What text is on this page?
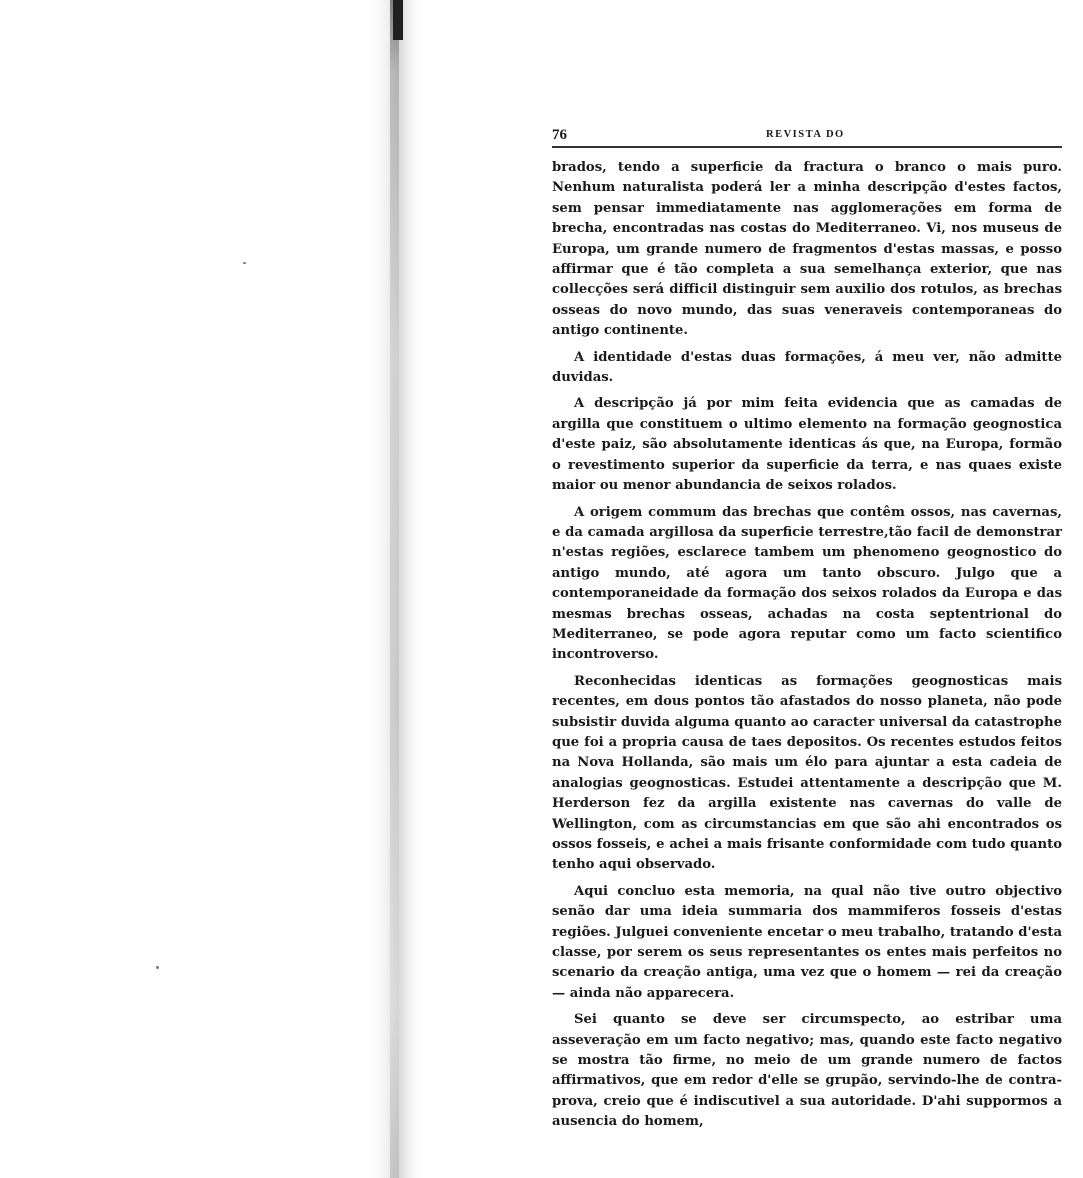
76	REVISTA DO

brados, tendo a superficie da fractura o branco o mais puro. Nenhum naturalista poderá ler a minha descripção d'estes factos, sem pensar immediatamente nas agglomerações em forma de brecha, encontradas nas costas do Mediterraneo. Vi, nos museus de Europa, um grande numero de fragmentos d'estas massas, e posso affirmar que é tão completa a sua semelhança exterior, que nas collecções será difficil distinguir sem auxilio dos rotulos, as brechas osseas do novo mundo, das suas veneraveis contemporaneas do antigo continente.

A identidade d'estas duas formações, á meu ver, não admitte duvidas.

A descripção já por mim feita evidencia que as camadas de argilla que constituem o ultimo elemento na formação geognostica d'este paiz, são absolutamente identicas ás que, na Europa, formão o revestimento superior da superficie da terra, e nas quaes existe maior ou menor abundancia de seixos rolados.

A origem commum das brechas que contêm ossos, nas cavernas, e da camada argillosa da superficie terrestre,tão facil de demonstrar n'estas regiões, esclarece tambem um phenomeno geognostico do antigo mundo, até agora um tanto obscuro. Julgo que a contemporaneidade da formação dos seixos rolados da Europa e das mesmas brechas osseas, achadas na costa septentrional do Mediterraneo, se pode agora reputar como um facto scientifico incontroverso.

Reconhecidas identicas as formações geognosticas mais recentes, em dous pontos tão afastados do nosso planeta, não pode subsistir duvida alguma quanto ao caracter universal da catastrophe que foi a propria causa de taes depositos. Os recentes estudos feitos na Nova Hollanda, são mais um élo para ajuntar a esta cadeia de analogias geognosticas. Estudei attentamente a descripção que M. Herderson fez da argilla existente nas cavernas do valle de Wellington, com as circumstancias em que são ahi encontrados os ossos fosseis, e achei a mais frisante conformidade com tudo quanto tenho aqui observado.

Aqui concluo esta memoria, na qual não tive outro objectivo senão dar uma ideia summaria dos mammiferos fosseis d'estas regiões. Julguei conveniente encetar o meu trabalho, tratando d'esta classe, por serem os seus representantes os entes mais perfeitos no scenario da creação antiga, uma vez que o homem — rei da creação — ainda não apparecera.

Sei quanto se deve ser circumspecto, ao estribar uma asseveração em um facto negativo; mas, quando este facto negativo se mostra tão firme, no meio de um grande numero de factos affirmativos, que em redor d'elle se grupão, servindo-lhe de contra-prova, creio que é indiscutivel a sua autoridade. D'ahi suppormos a ausencia do homem,
